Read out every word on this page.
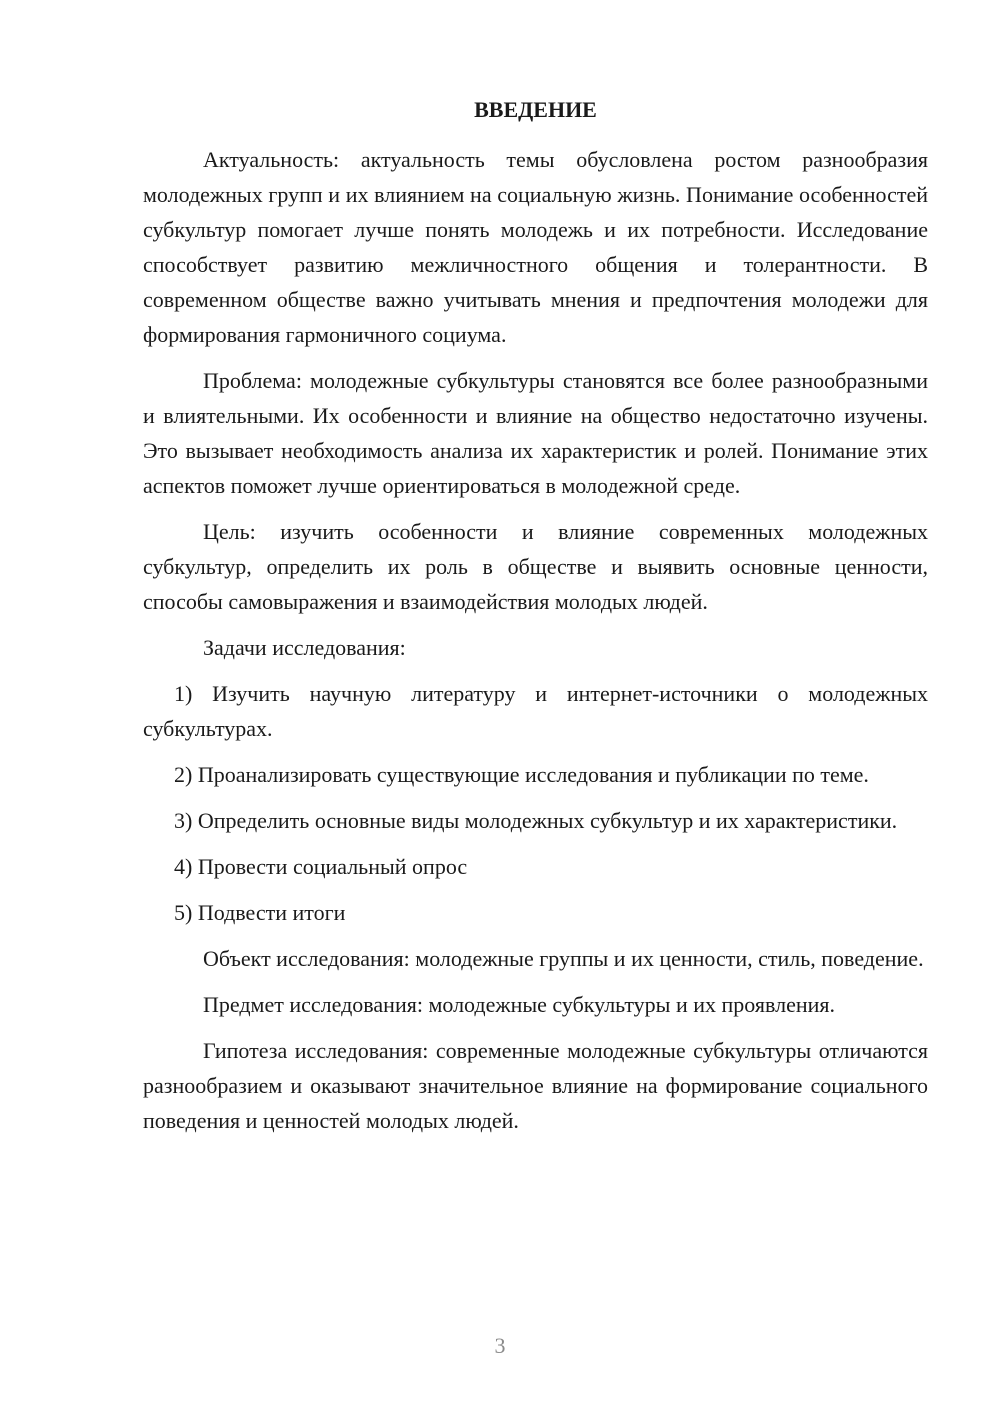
ВВЕДЕНИЕ

Актуальность: актуальность темы обусловлена ростом разнообразия молодежных групп и их влиянием на социальную жизнь. Понимание особенностей субкультур помогает лучше понять молодежь и их потребности. Исследование способствует развитию межличностного общения и толерантности. В современном обществе важно учитывать мнения и предпочтения молодежи для формирования гармоничного социума.

Проблема: молодежные субкультуры становятся все более разнообразными и влиятельными. Их особенности и влияние на общество недостаточно изучены. Это вызывает необходимость анализа их характеристик и ролей. Понимание этих аспектов поможет лучше ориентироваться в молодежной среде.

Цель: изучить особенности и влияние современных молодежных субкультур, определить их роль в обществе и выявить основные ценности, способы самовыражения и взаимодействия молодых людей.

Задачи исследования:

1) Изучить научную литературу и интернет-источники о молодежных субкультурах.

2) Проанализировать существующие исследования и публикации по теме.

3) Определить основные виды молодежных субкультур и их характеристики.

4) Провести социальный опрос

5) Подвести итоги

Объект исследования: молодежные группы и их ценности, стиль, поведение.

Предмет исследования: молодежные субкультуры и их проявления.

Гипотеза исследования: современные молодежные субкультуры отличаются разнообразием и оказывают значительное влияние на формирование социального поведения и ценностей молодых людей.

3
